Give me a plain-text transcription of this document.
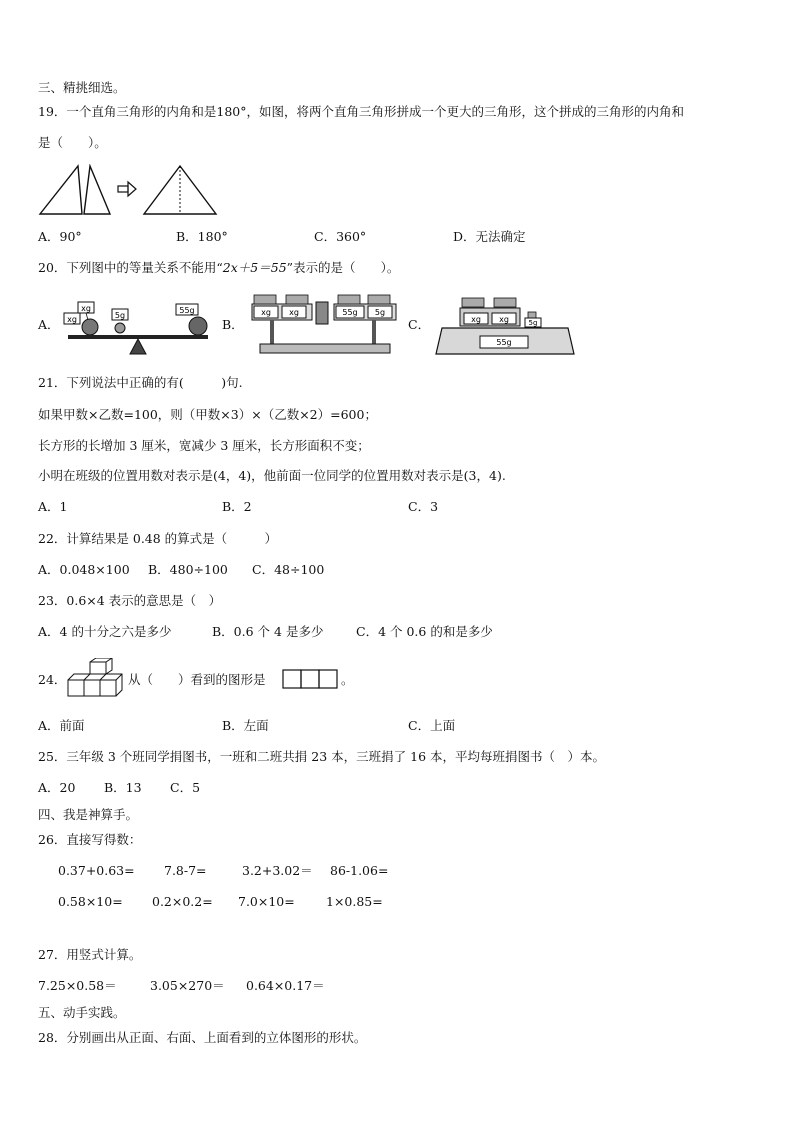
三、精挑细选。
19．一个直角三角形的内角和是180°，如图，将两个直角三角形拼成一个更大的三角形，这个拼成的三角形的内角和
是（　　）。
A．90°	B．180°	C．360°	D．无法确定
20．下列图中的等量关系不能用“2x＋5＝55”表示的是（　　）。
A．
xg
xg	5g
55g
B．
xg xg	55g 5g
C．	xg xg	5g
55g
21．下列说法中正确的有(　　　)句.
如果甲数×乙数=100，则（甲数×3）×（乙数×2）=600；
长方形的长增加 3 厘米，宽减少 3 厘米，长方形面积不变；
小明在班级的位置用数对表示是(4，4)，他前面一位同学的位置用数对表示是(3，4).
A．1	B．2	C．3
22．计算结果是 0.48 的算式是（　　　）
A．0.048×100 B．480÷100 C．48÷100
23．0.6×4 表示的意思是（　）
A．4 的十分之六是多少	B．0.6 个 4 是多少	C．4 个 0.6 的和是多少
24．	从（　　）看到的图形是	。
A．前面	B．左面	C．上面
25．三年级 3 个班同学捐图书，一班和二班共捐 23 本，三班捐了 16 本，平均每班捐图书（　）本。
A．20 B．13 C．5
四、我是神算手。
26．直接写得数：
0.37+0.63= 7.8-7=	3.2+3.02＝ 86-1.06=
0.58×10= 0.2×0.2= 7.0×10=	1×0.85=
27．用竖式计算。
7.25×0.58＝	3.05×270＝ 0.64×0.17＝
五、动手实践。
28．分别画出从正面、右面、上面看到的立体图形的形状。
